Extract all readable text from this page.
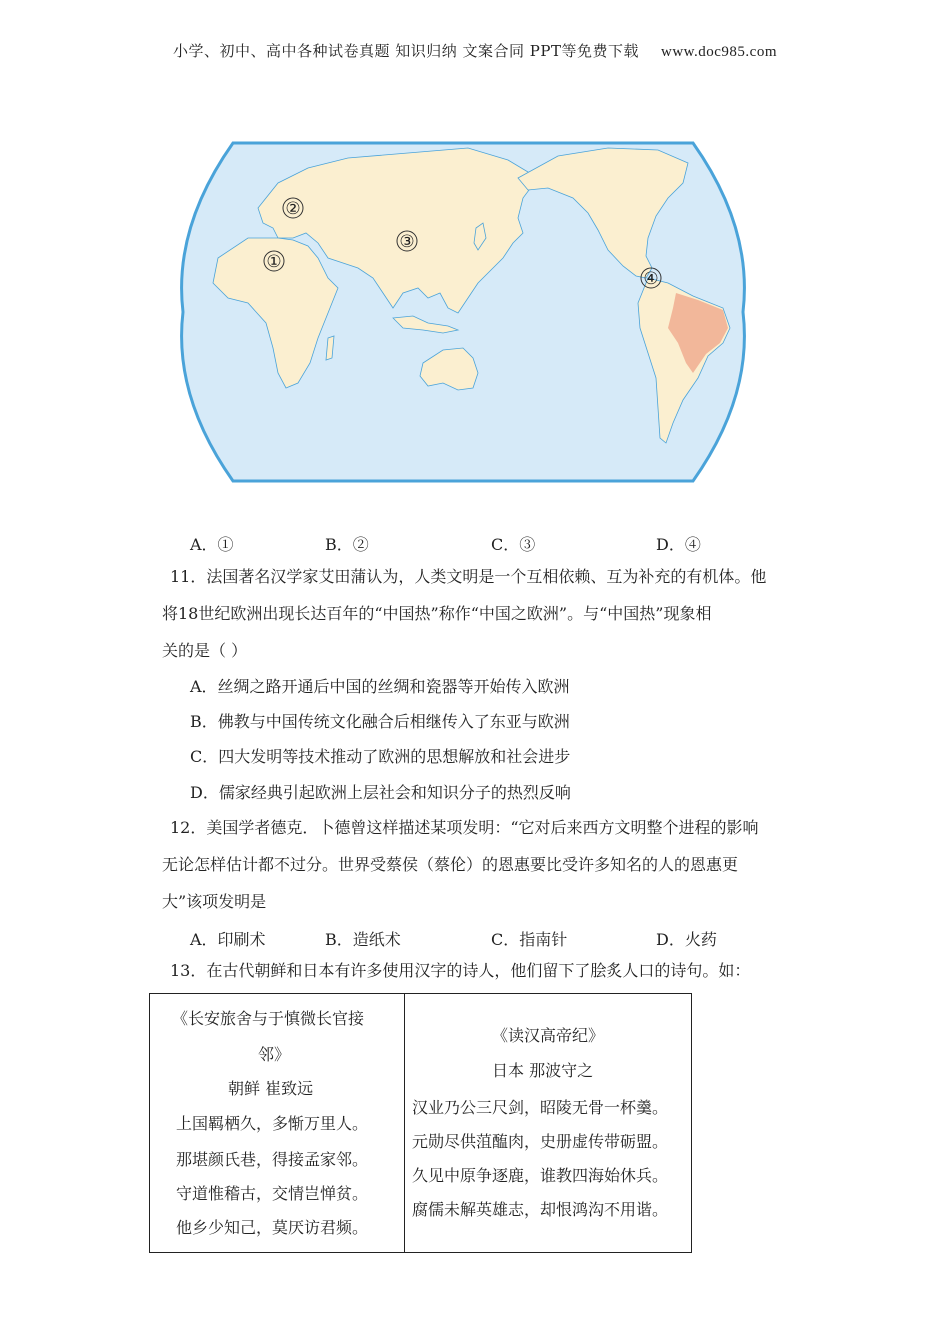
小学、初中、高中各种试卷真题 知识归纳 文案合同 PPT等免费下载 www.doc985.com
①
②
③
④
A．①	B．②	C．③	D．④
11．法国著名汉学家艾田蒲认为，人类文明是一个互相依赖、互为补充的有机体。他
将18世纪欧洲出现长达百年的“中国热”称作“中国之欧洲”。与“中国热”现象相
关的是（ ）
A．丝绸之路开通后中国的丝绸和瓷器等开始传入欧洲
B．佛教与中国传统文化融合后相继传入了东亚与欧洲
C．四大发明等技术推动了欧洲的思想解放和社会进步
D．儒家经典引起欧洲上层社会和知识分子的热烈反响
12．美国学者德克．卜德曾这样描述某项发明：“它对后来西方文明整个进程的影响
无论怎样估计都不过分。世界受蔡侯（蔡伦）的恩惠要比受许多知名的人的恩惠更
大”该项发明是
A．印刷术	B．造纸术	C．指南针	D．火药
13．在古代朝鲜和日本有许多使用汉字的诗人，他们留下了脍炙人口的诗句。如：
《长安旅舍与于慎微长官接
邻》
朝鲜 崔致远
上国羁栖久，多惭万里人。
那堪颜氏巷，得接孟家邻。
守道惟稽古，交情岂惮贫。
他乡少知己，莫厌访君频。
《读汉高帝纪》
日本 那波守之
汉业乃公三尺剑，昭陵无骨一杯羹。
元勋尽供菹醢肉，史册虚传带砺盟。
久见中原争逐鹿，谁教四海始休兵。
腐儒未解英雄志，却恨鸿沟不用谐。
